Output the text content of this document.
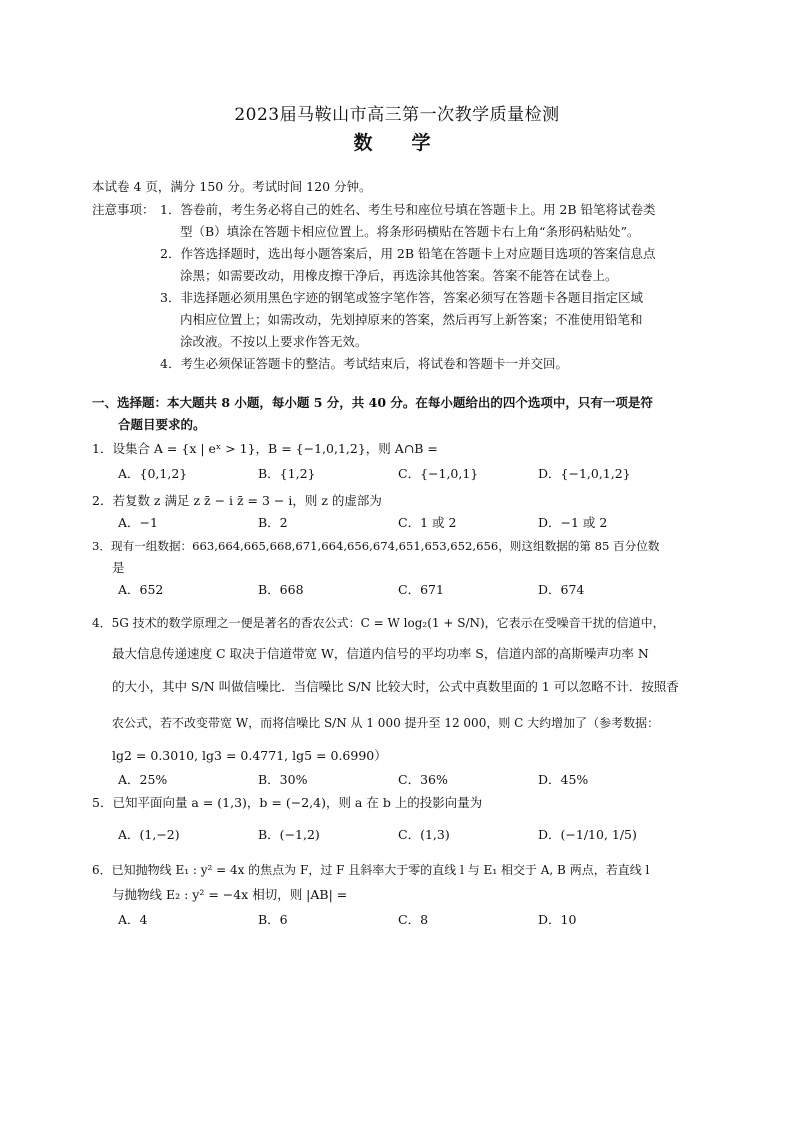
2023届马鞍山市高三第一次教学质量检测
数　学
本试卷 4 页，满分 150 分。考试时间 120 分钟。
注意事项： 1．答卷前，考生务必将自己的姓名、考生号和座位号填在答题卡上。用 2B 铅笔将试卷类
型（B）填涂在答题卡相应位置上。将条形码横贴在答题卡右上角“条形码粘贴处”。
2．作答选择题时，选出每小题答案后，用 2B 铅笔在答题卡上对应题目选项的答案信息点
涂黑；如需要改动，用橡皮擦干净后，再选涂其他答案。答案不能答在试卷上。
3．非选择题必须用黑色字迹的钢笔或签字笔作答，答案必须写在答题卡各题目指定区域
内相应位置上；如需改动，先划掉原来的答案，然后再写上新答案；不准使用铅笔和
涂改液。不按以上要求作答无效。
4．考生必须保证答题卡的整洁。考试结束后，将试卷和答题卡一并交回。
一、选择题：本大题共 8 小题，每小题 5 分，共 40 分。在每小题给出的四个选项中，只有一项是符
合题目要求的。
1．设集合 A = {x | eˣ > 1}，B = {−1,0,1,2}，则 A∩B =
A．{0,1,2}	B．{1,2}	C．{−1,0,1}	D．{−1,0,1,2}
2．若复数 z 满足 z z̄ − i z̄ = 3 − i，则 z 的虚部为
A．−1	B．2	C．1 或 2	D．−1 或 2
3．现有一组数据：663,664,665,668,671,664,656,674,651,653,652,656，则这组数据的第 85 百分位数
是
A．652	B．668	C．671	D．674
4．5G 技术的数学原理之一便是著名的香农公式：C = W log₂(1 + S/N)，它表示在受噪音干扰的信道中，
最大信息传递速度 C 取决于信道带宽 W，信道内信号的平均功率 S，信道内部的高斯噪声功率 N
的大小，其中 S/N 叫做信噪比．当信噪比 S/N 比较大时，公式中真数里面的 1 可以忽略不计．按照香
农公式，若不改变带宽 W，而将信噪比 S/N 从 1 000 提升至 12 000，则 C 大约增加了（参考数据：
lg2 = 0.3010, lg3 = 0.4771, lg5 = 0.6990）
A．25%	B．30%	C．36%	D．45%
5．已知平面向量 a = (1,3)，b = (−2,4)，则 a 在 b 上的投影向量为
A．(1,−2)	B．(−1,2)	C．(1,3)	D．(−1/10, 1/5)
6．已知抛物线 E₁ : y² = 4x 的焦点为 F，过 F 且斜率大于零的直线 l 与 E₁ 相交于 A, B 两点，若直线 l
与抛物线 E₂ : y² = −4x 相切，则 |AB| =
A．4	B．6	C．8	D．10
